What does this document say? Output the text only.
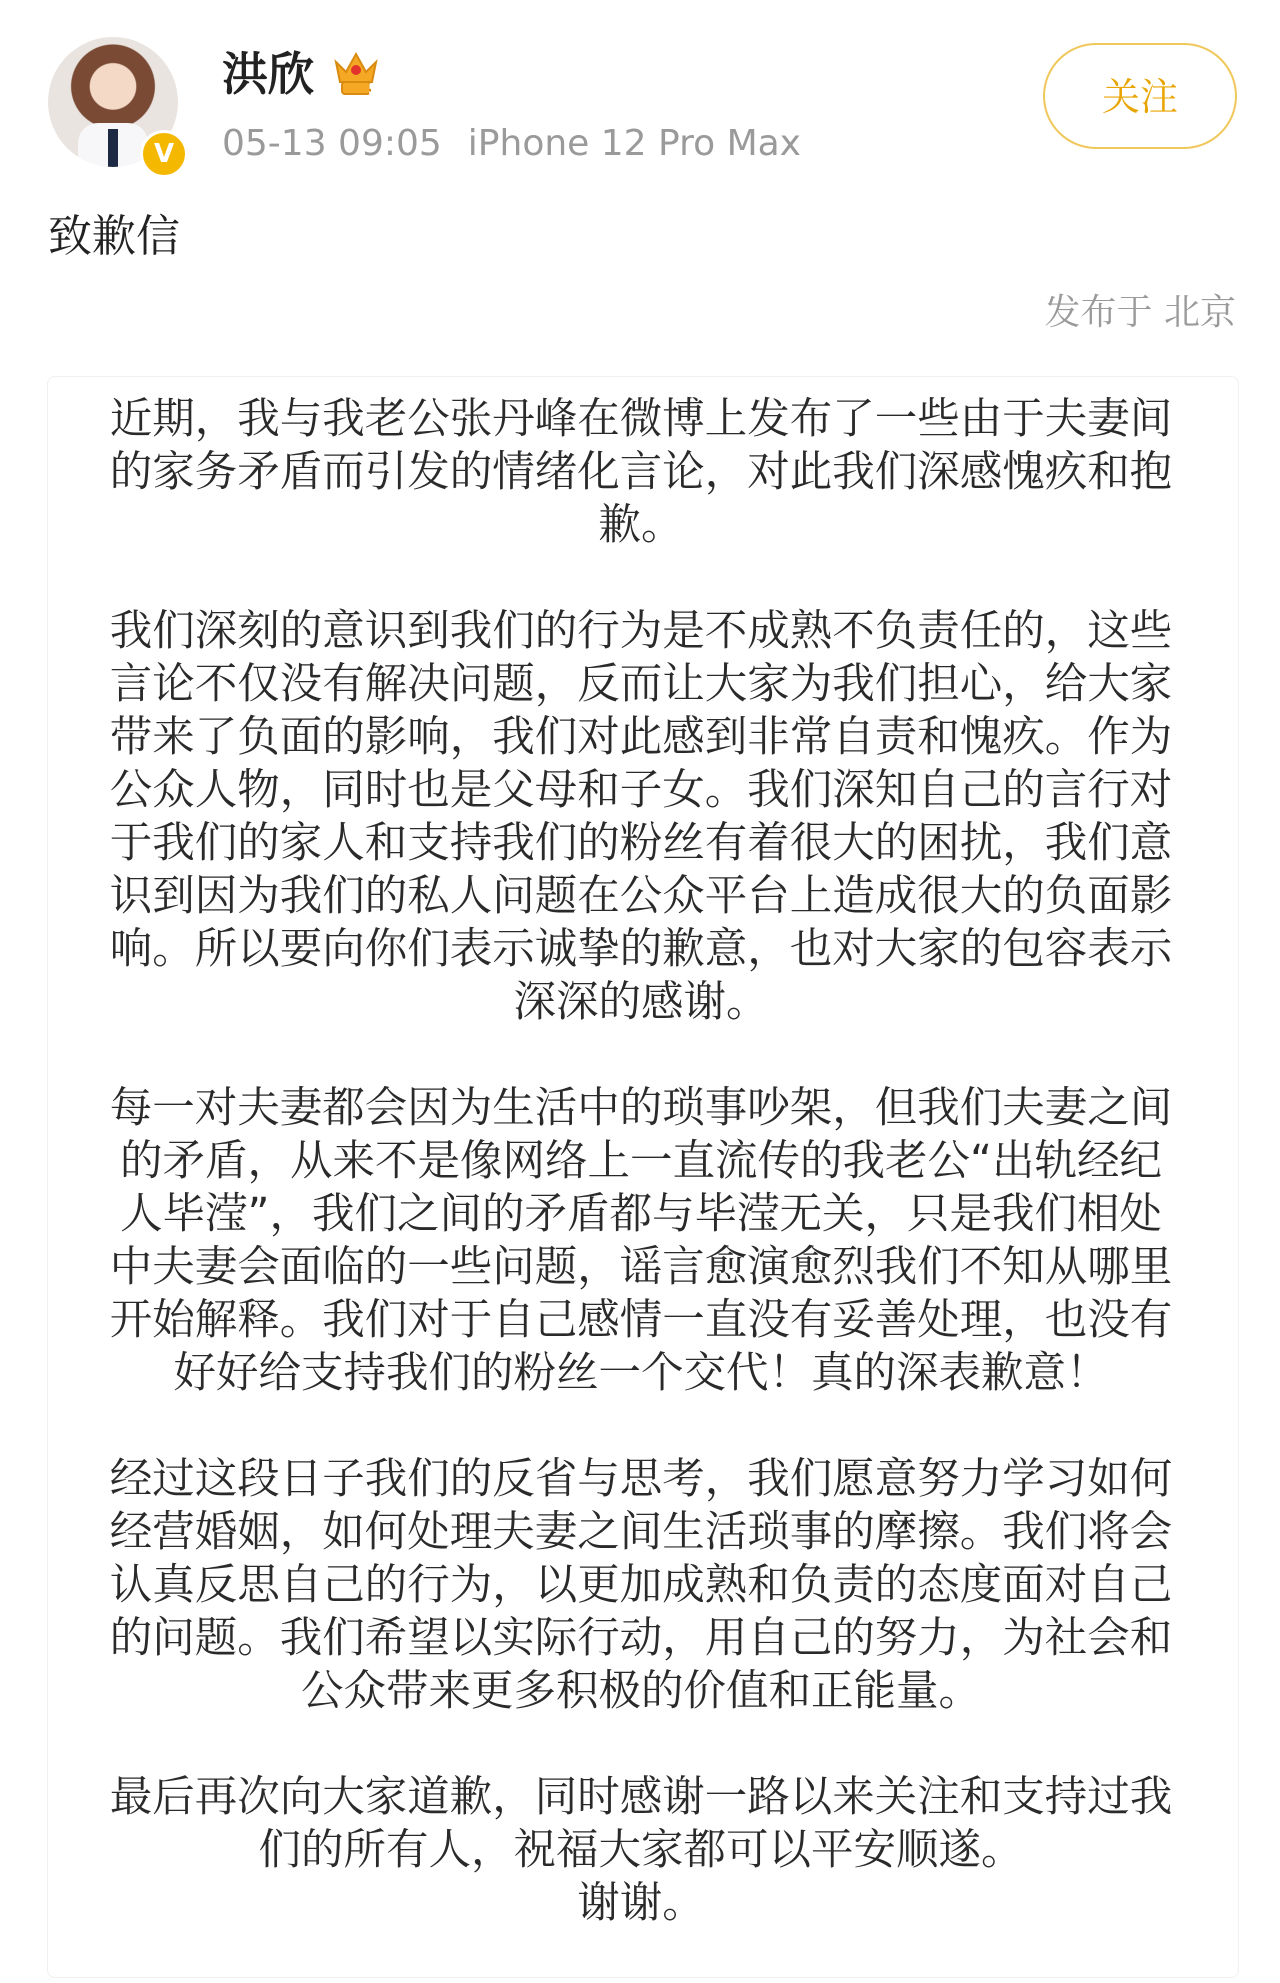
V
洪欣	5
05-13 09:05 iPhone 12 Pro Max
关注
致歉信
发布于 北京

近期，我与我老公张丹峰在微博上发布了一些由于夫妻间
的家务矛盾而引发的情绪化言论，对此我们深感愧疚和抱
歉。

我们深刻的意识到我们的行为是不成熟不负责任的，这些
言论不仅没有解决问题，反而让大家为我们担心，给大家
带来了负面的影响，我们对此感到非常自责和愧疚。作为
公众人物，同时也是父母和子女。我们深知自己的言行对
于我们的家人和支持我们的粉丝有着很大的困扰，我们意
识到因为我们的私人问题在公众平台上造成很大的负面影
响。所以要向你们表示诚挚的歉意，也对大家的包容表示
深深的感谢。

每一对夫妻都会因为生活中的琐事吵架，但我们夫妻之间
的矛盾，从来不是像网络上一直流传的我老公“出轨经纪
人毕滢”，我们之间的矛盾都与毕滢无关，只是我们相处
中夫妻会面临的一些问题，谣言愈演愈烈我们不知从哪里
开始解释。我们对于自己感情一直没有妥善处理，也没有
好好给支持我们的粉丝一个交代！真的深表歉意！

经过这段日子我们的反省与思考，我们愿意努力学习如何
经营婚姻，如何处理夫妻之间生活琐事的摩擦。我们将会
认真反思自己的行为，以更加成熟和负责的态度面对自己
的问题。我们希望以实际行动，用自己的努力，为社会和
公众带来更多积极的价值和正能量。

最后再次向大家道歉，同时感谢一路以来关注和支持过我
们的所有人，祝福大家都可以平安顺遂。
谢谢。
